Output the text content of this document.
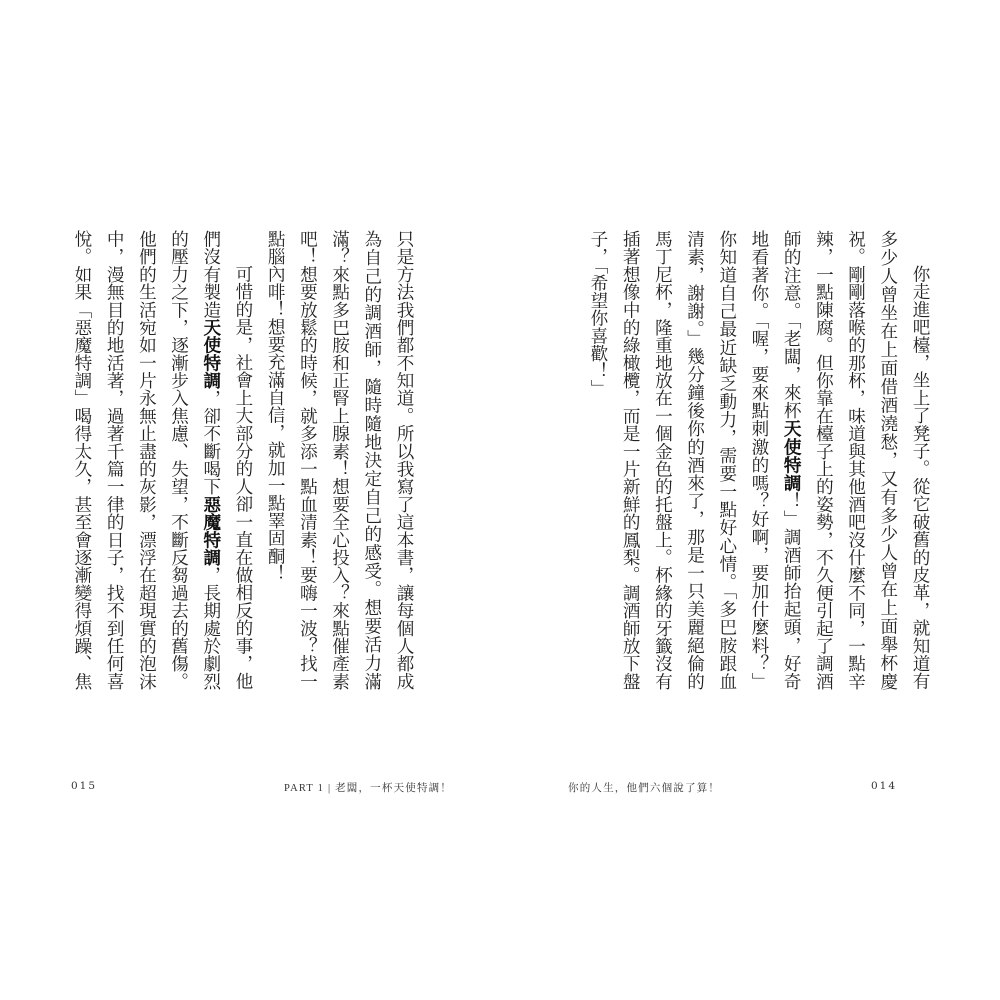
只是方法我們都不知道。所以我寫了這本書，讓每個人都成為自己的調酒師，隨時隨地決定自己的感受。想要活力滿滿？來點多巴胺和正腎上腺素！想要全心投入？來點催產素吧！想要放鬆的時候，就多添一點血清素！要嗨一波？找一點腦內啡！想要充滿自信，就加一點睪固酮！

可惜的是，社會上大部分的人卻一直在做相反的事，他們沒有製造天使特調，卻不斷喝下惡魔特調，長期處於劇烈的壓力之下，逐漸步入焦慮、失望，不斷反芻過去的舊傷。他們的生活宛如一片永無止盡的灰影，漂浮在超現實的泡沫中，漫無目的地活著，過著千篇一律的日子，找不到任何喜悅。如果「惡魔特調」喝得太久，甚至會逐漸變得煩躁、焦

015	PART 1 | 老闆，一杯天使特調！

你走進吧檯，坐上了凳子。從它破舊的皮革，就知道有多少人曾坐在上面借酒澆愁，又有多少人曾在上面舉杯慶祝。剛剛落喉的那杯，味道與其他酒吧沒什麼不同，一點辛辣，一點陳腐。但你靠在檯子上的姿勢，不久便引起了調酒師的注意。「老闆，來杯天使特調！」調酒師抬起頭，好奇地看著你。「喔，要來點刺激的嗎？好啊，要加什麼料？」你知道自己最近缺乏動力，需要一點好心情。「多巴胺跟血清素，謝謝。」幾分鐘後你的酒來了，那是一只美麗絕倫的馬丁尼杯，隆重地放在一個金色的托盤上。杯緣的牙籤沒有插著想像中的綠橄欖，而是一片新鮮的鳳梨。調酒師放下盤子，「希望你喜歡！」

你的人生，他們六個說了算！	014
